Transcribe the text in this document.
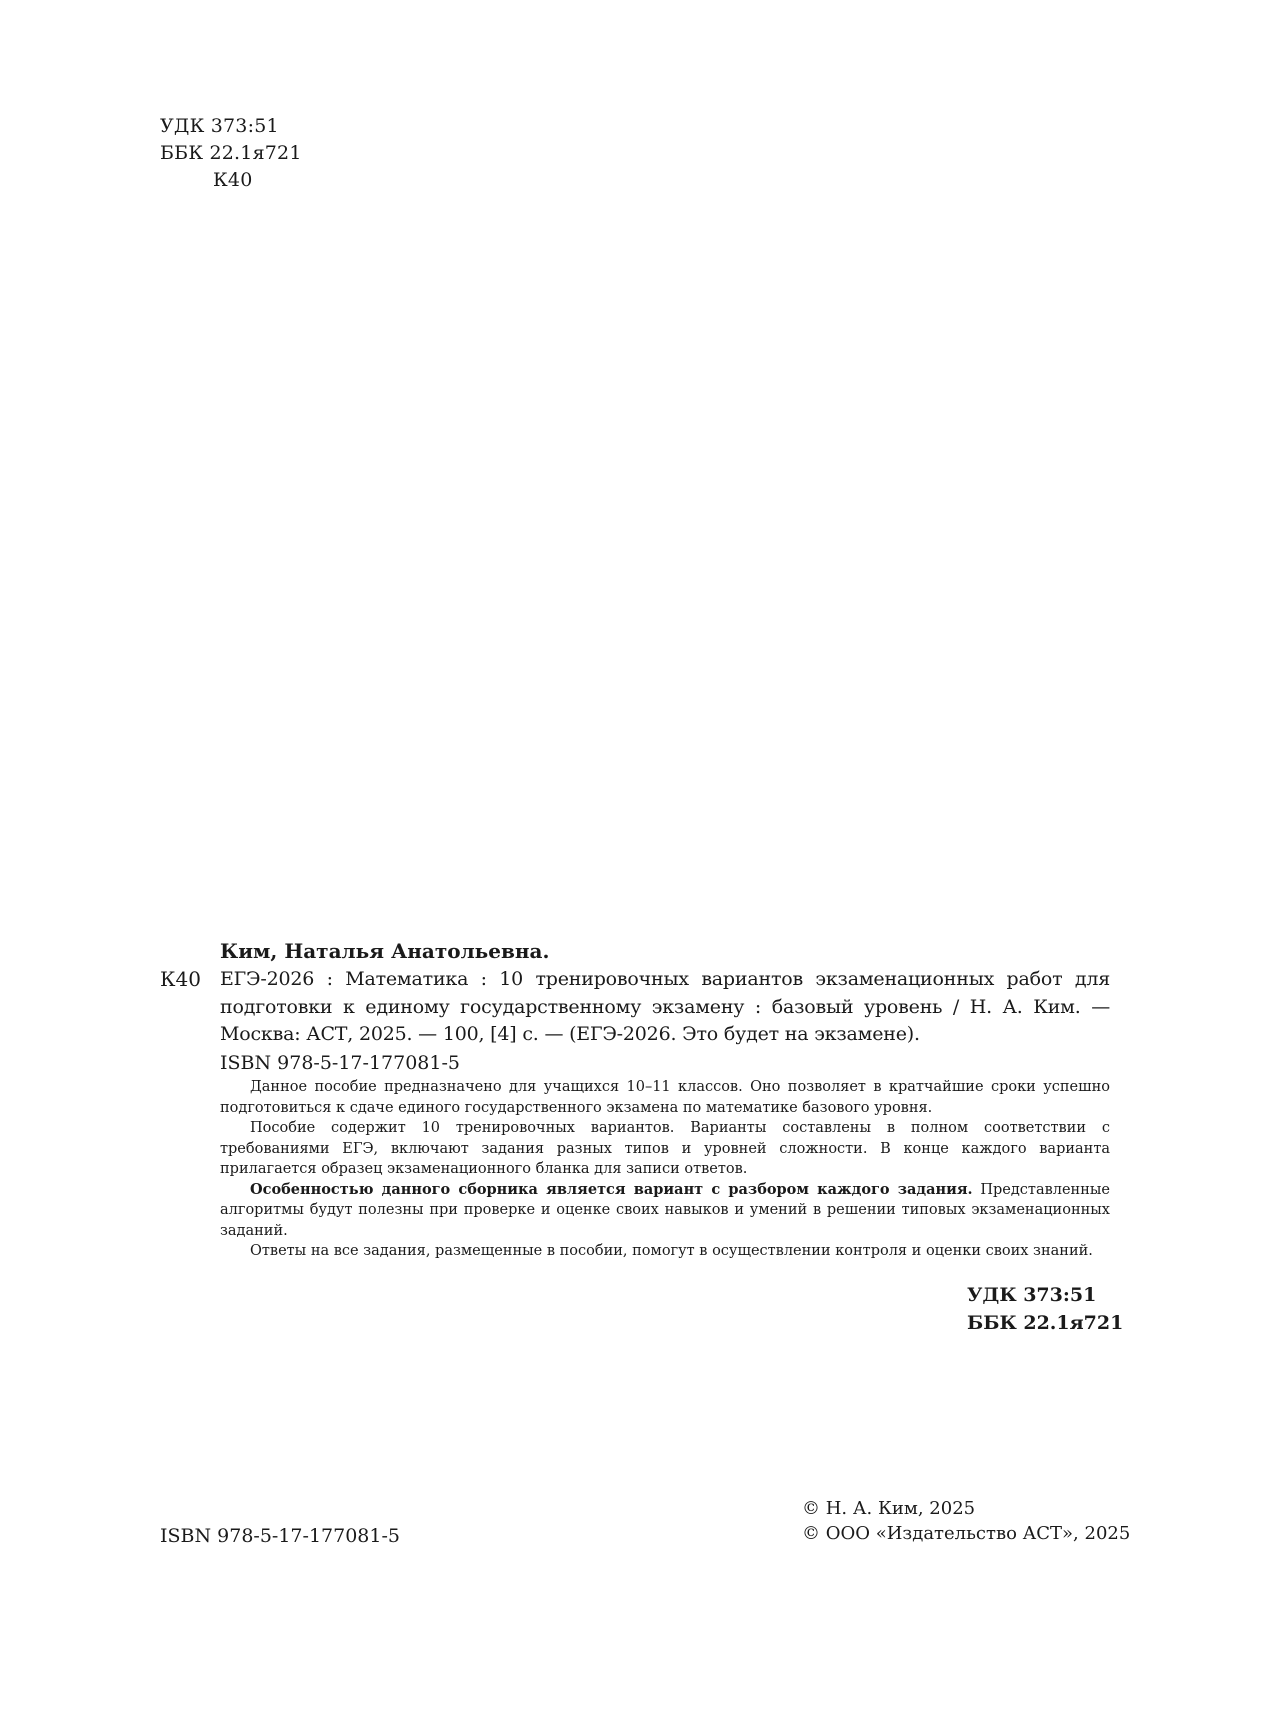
УДК 373:51
ББК 22.1я721
К40
Ким, Наталья Анатольевна.
К40 ЕГЭ-2026 : Математика : 10 тренировочных вариантов экзаменационных работ для подготовки к единому государственному экзамену : базовый уровень / Н. А. Ким. — Москва: АСТ, 2025. — 100, [4] с. — (ЕГЭ-2026. Это будет на экзамене).
ISBN 978-5-17-177081-5

Данное пособие предназначено для учащихся 10–11 классов. Оно позволяет в кратчайшие сроки успешно подготовиться к сдаче единого государственного экзамена по математике базового уровня.

Пособие содержит 10 тренировочных вариантов. Варианты составлены в полном соответствии с требованиями ЕГЭ, включают задания разных типов и уровней сложности. В конце каждого варианта прилагается образец экзаменационного бланка для записи ответов.

Особенностью данного сборника является вариант с разбором каждого задания. Представленные алгоритмы будут полезны при проверке и оценке своих навыков и умений в решении типовых экзаменационных заданий.

Ответы на все задания, размещенные в пособии, помогут в осуществлении контроля и оценки своих знаний.

УДК 373:51
ББК 22.1я721
ISBN 978-5-17-177081-5
© Н. А. Ким, 2025
© ООО «Издательство АСТ», 2025
